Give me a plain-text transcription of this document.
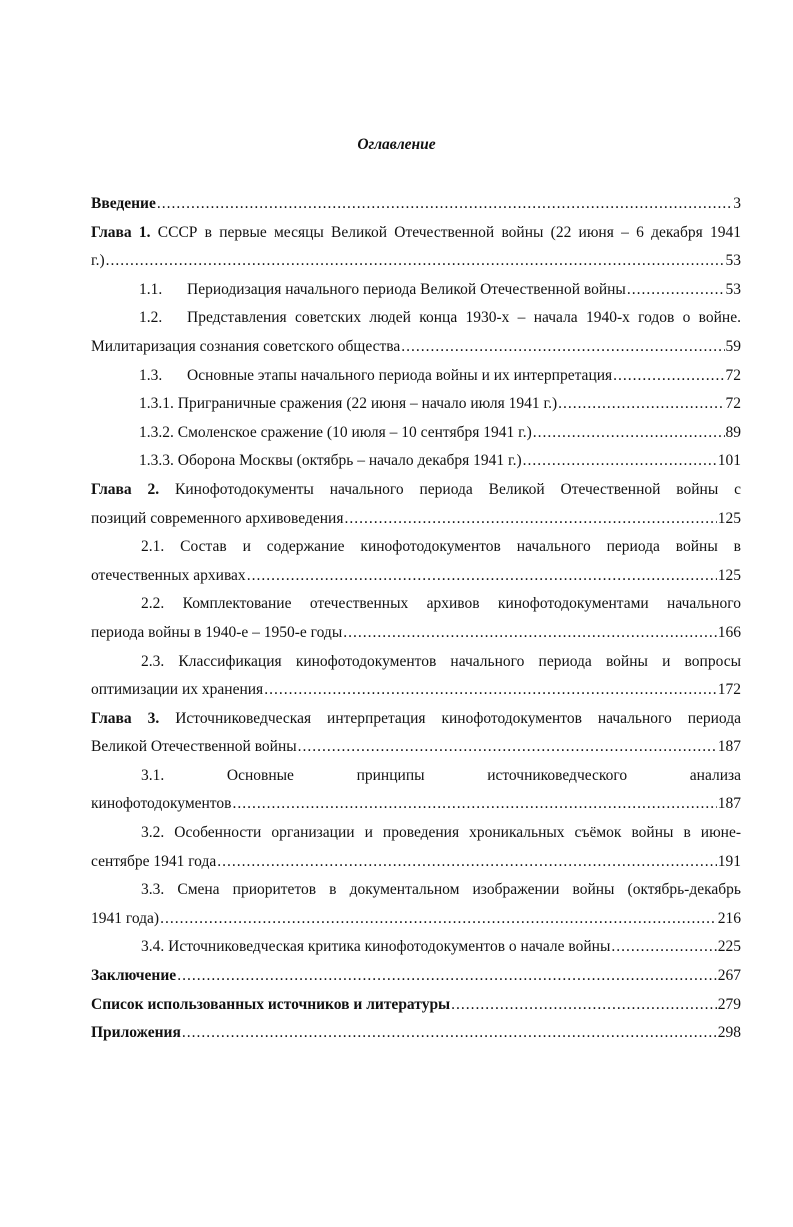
Оглавление
Введение .....	3
Глава 1. СССР в первые месяцы Великой Отечественной войны (22 июня – 6 декабря 1941
г.) .....	53
1.1. Периодизация начального периода Великой Отечественной войны .....	53
1.2. Представления советских людей конца 1930-х – начала 1940-х годов о войне.
Милитаризация сознания советского общества .....	59
1.3. Основные этапы начального периода войны и их интерпретация .....	72
1.3.1. Приграничные сражения (22 июня – начало июля 1941 г.) .....	72
1.3.2. Смоленское сражение (10 июля – 10 сентября 1941 г.) .....	89
1.3.3. Оборона Москвы (октябрь – начало декабря 1941 г.) .....	101
Глава 2. Кинофотодокументы начального периода Великой Отечественной войны с
позиций современного архивоведения .....	125
2.1. Состав и содержание кинофотодокументов начального периода войны в
отечественных архивах .....	125
2.2. Комплектование отечественных архивов кинофотодокументами начального
периода войны в 1940-е – 1950-е годы .....	166
2.3. Классификация кинофотодокументов начального периода войны и вопросы
оптимизации их хранения .....	172
Глава 3. Источниковедческая интерпретация кинофотодокументов начального периода
Великой Отечественной войны .....	187
3.1.	Основные	принципы	источниковедческого	анализа
кинофотодокументов .....	187
3.2. Особенности организации и проведения хроникальных съёмок войны в июне-
сентябре 1941 года .....	191
3.3. Смена приоритетов в документальном изображении войны (октябрь-декабрь
1941 года) .....	216
3.4. Источниковедческая критика кинофотодокументов о начале войны .....	225
Заключение .....	267
Список использованных источников и литературы .....	279
Приложения .....	298
